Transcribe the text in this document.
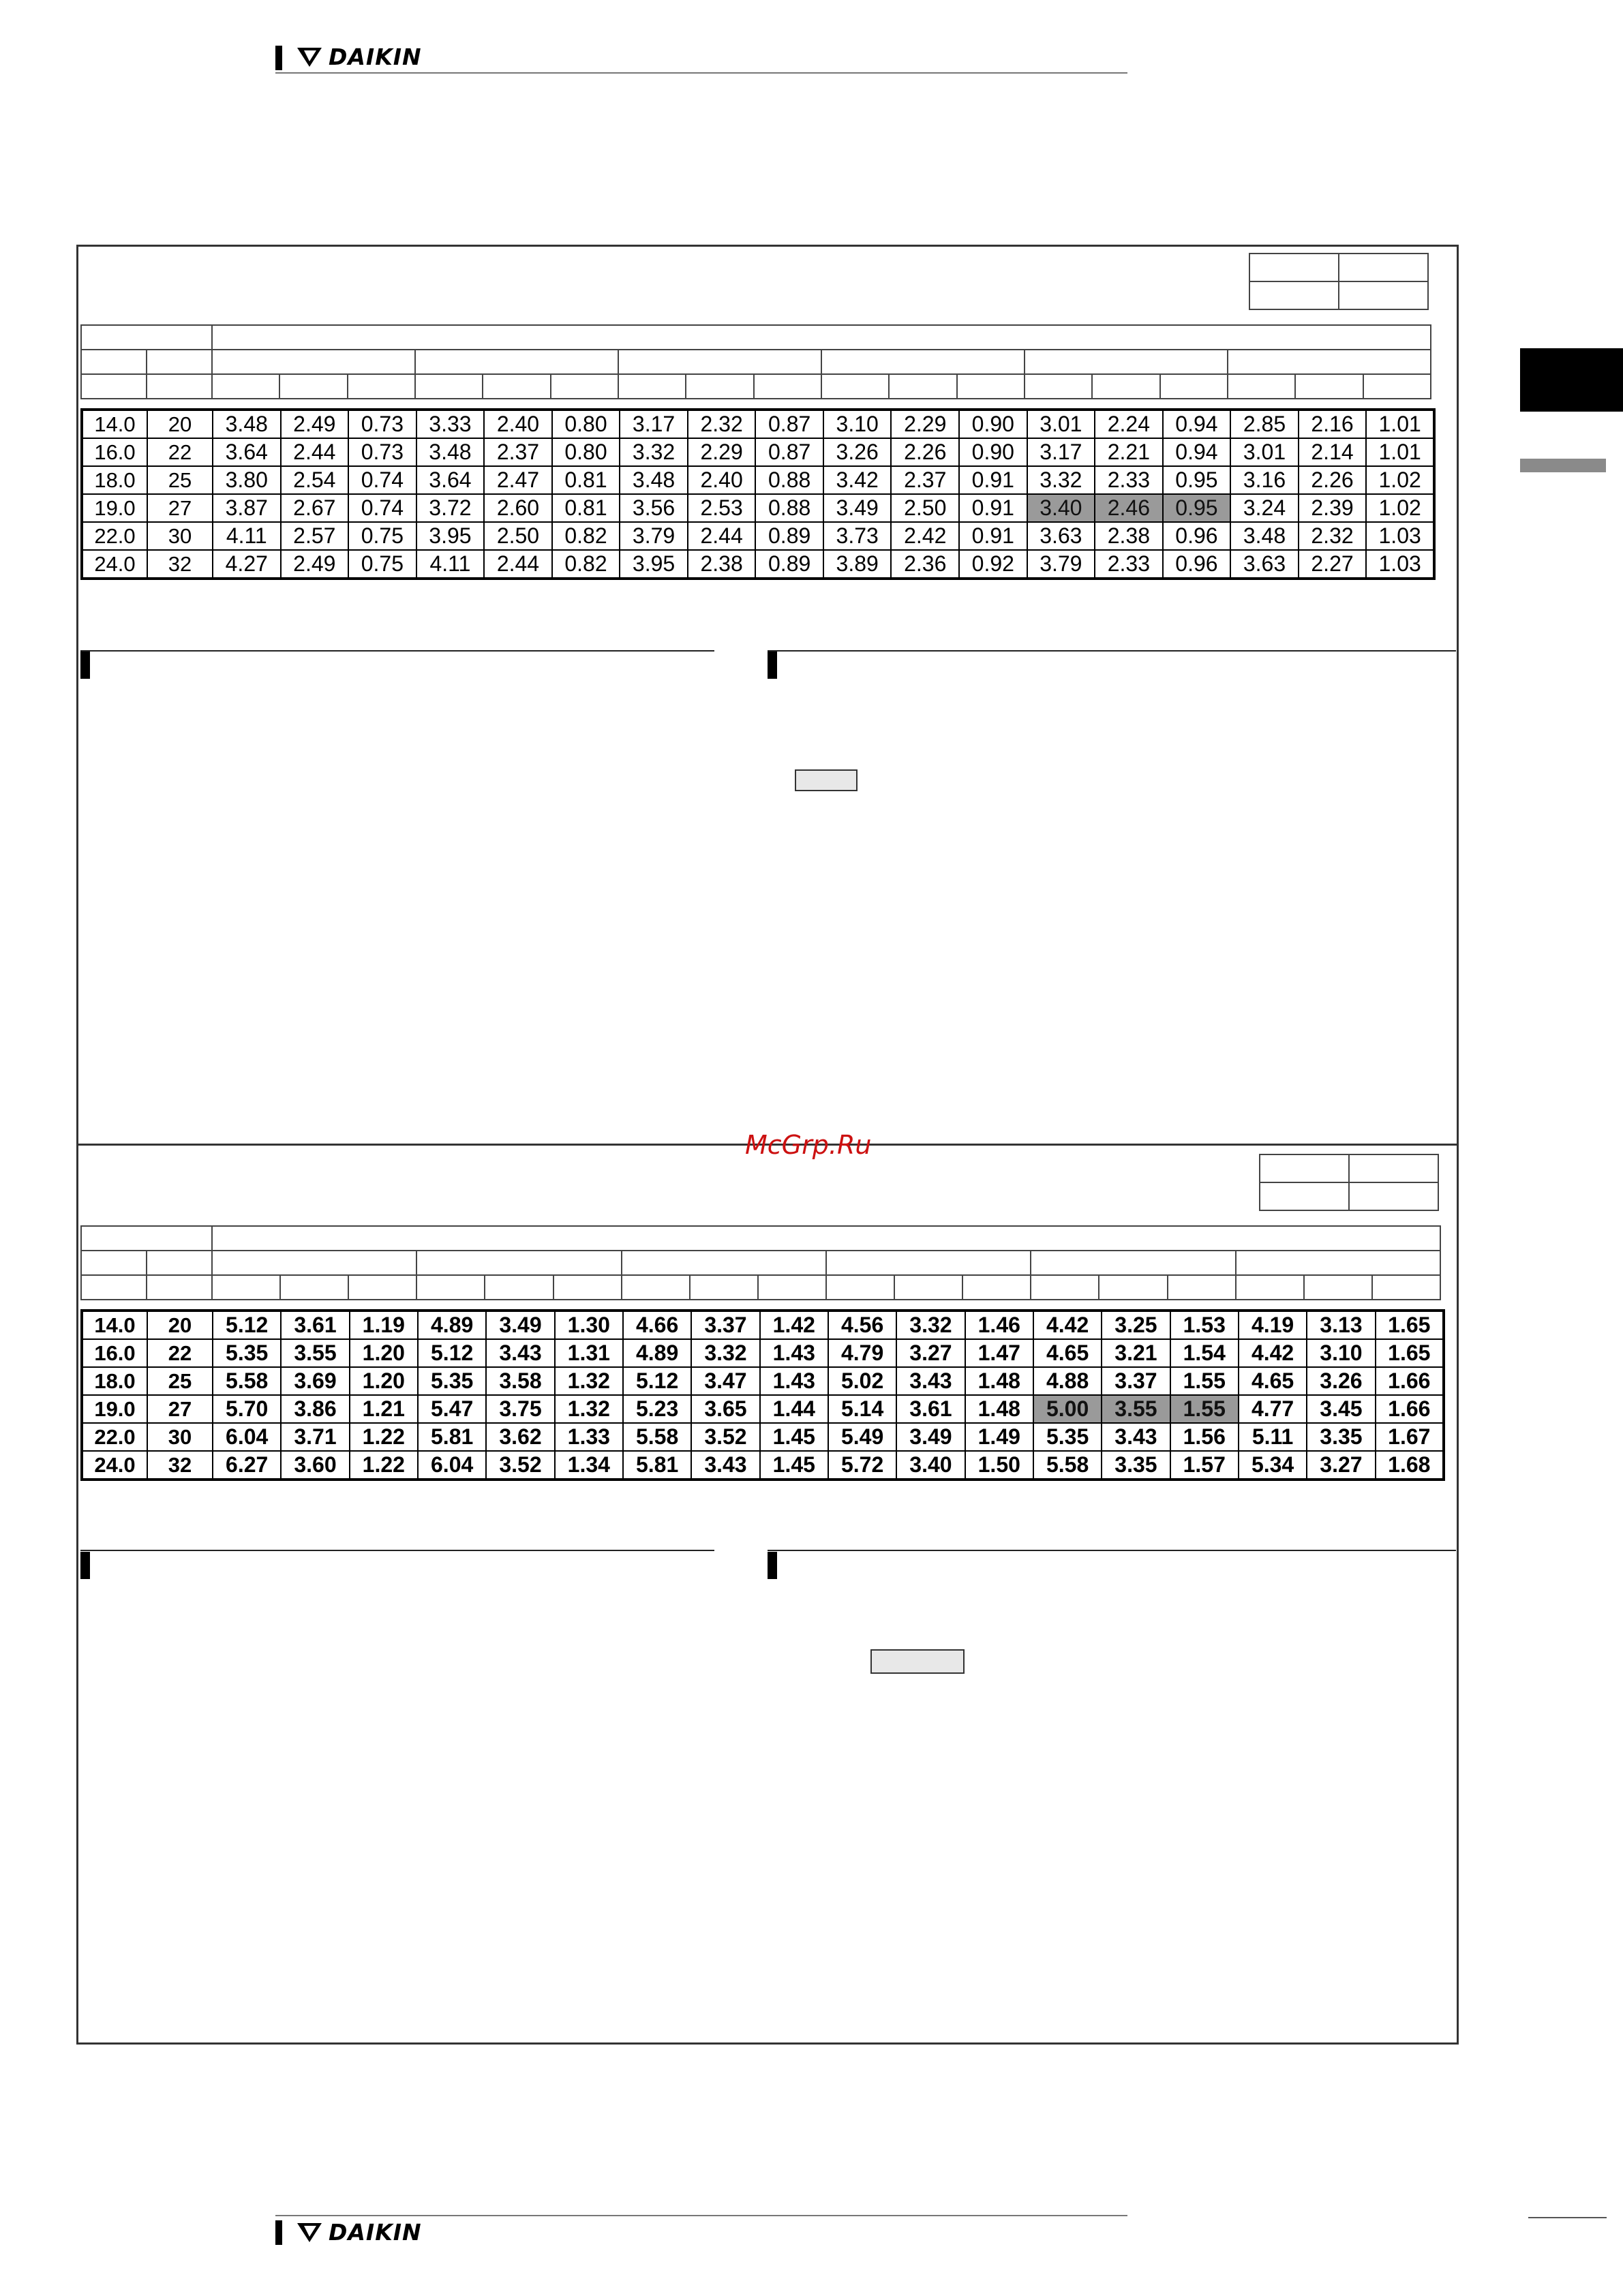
DAIKIN

14.0	20	3.48	2.49	0.73	3.33	2.40	0.80	3.17	2.32	0.87	3.10	2.29	0.90	3.01	2.24	0.94	2.85	2.16	1.01
16.0	22	3.64	2.44	0.73	3.48	2.37	0.80	3.32	2.29	0.87	3.26	2.26	0.90	3.17	2.21	0.94	3.01	2.14	1.01
18.0	25	3.80	2.54	0.74	3.64	2.47	0.81	3.48	2.40	0.88	3.42	2.37	0.91	3.32	2.33	0.95	3.16	2.26	1.02
19.0	27	3.87	2.67	0.74	3.72	2.60	0.81	3.56	2.53	0.88	3.49	2.50	0.91	3.40	2.46	0.95	3.24	2.39	1.02
22.0	30	4.11	2.57	0.75	3.95	2.50	0.82	3.79	2.44	0.89	3.73	2.42	0.91	3.63	2.38	0.96	3.48	2.32	1.03
24.0	32	4.27	2.49	0.75	4.11	2.44	0.82	3.95	2.38	0.89	3.89	2.36	0.92	3.79	2.33	0.96	3.63	2.27	1.03
McGrp.Ru

14.0	20	5.12	3.61	1.19	4.89	3.49	1.30	4.66	3.37	1.42	4.56	3.32	1.46	4.42	3.25	1.53	4.19	3.13	1.65
16.0	22	5.35	3.55	1.20	5.12	3.43	1.31	4.89	3.32	1.43	4.79	3.27	1.47	4.65	3.21	1.54	4.42	3.10	1.65
18.0	25	5.58	3.69	1.20	5.35	3.58	1.32	5.12	3.47	1.43	5.02	3.43	1.48	4.88	3.37	1.55	4.65	3.26	1.66
19.0	27	5.70	3.86	1.21	5.47	3.75	1.32	5.23	3.65	1.44	5.14	3.61	1.48	5.00	3.55	1.55	4.77	3.45	1.66
22.0	30	6.04	3.71	1.22	5.81	3.62	1.33	5.58	3.52	1.45	5.49	3.49	1.49	5.35	3.43	1.56	5.11	3.35	1.67
24.0	32	6.27	3.60	1.22	6.04	3.52	1.34	5.81	3.43	1.45	5.72	3.40	1.50	5.58	3.35	1.57	5.34	3.27	1.68
DAIKIN
